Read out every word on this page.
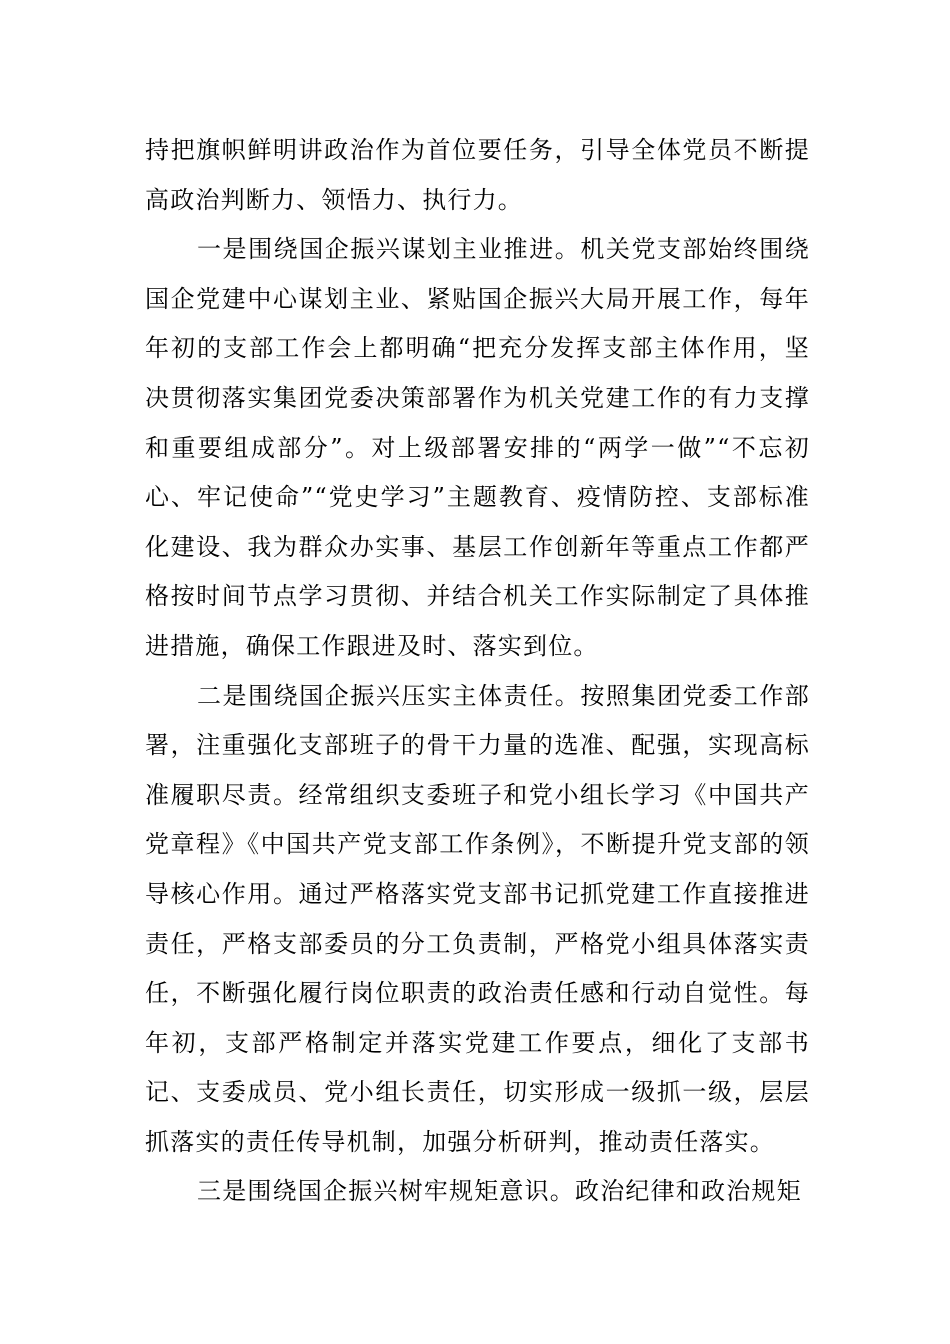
持把旗帜鲜明讲政治作为首位要任务，引导全体党员不断提高政治判断力、领悟力、执行力。

一是围绕国企振兴谋划主业推进。机关党支部始终围绕国企党建中心谋划主业、紧贴国企振兴大局开展工作，每年年初的支部工作会上都明确“把充分发挥支部主体作用，坚决贯彻落实集团党委决策部署作为机关党建工作的有力支撑和重要组成部分”。对上级部署安排的“两学一做”“不忘初心、牢记使命”“党史学习”主题教育、疫情防控、支部标准化建设、我为群众办实事、基层工作创新年等重点工作都严格按时间节点学习贯彻、并结合机关工作实际制定了具体推进措施，确保工作跟进及时、落实到位。

二是围绕国企振兴压实主体责任。按照集团党委工作部署，注重强化支部班子的骨干力量的选准、配强，实现高标准履职尽责。经常组织支委班子和党小组长学习《中国共产党章程》《中国共产党支部工作条例》，不断提升党支部的领导核心作用。通过严格落实党支部书记抓党建工作直接推进责任，严格支部委员的分工负责制，严格党小组具体落实责任，不断强化履行岗位职责的政治责任感和行动自觉性。每年初，支部严格制定并落实党建工作要点，细化了支部书记、支委成员、党小组长责任，切实形成一级抓一级，层层抓落实的责任传导机制，加强分析研判，推动责任落实。

三是围绕国企振兴树牢规矩意识。政治纪律和政治规矩
